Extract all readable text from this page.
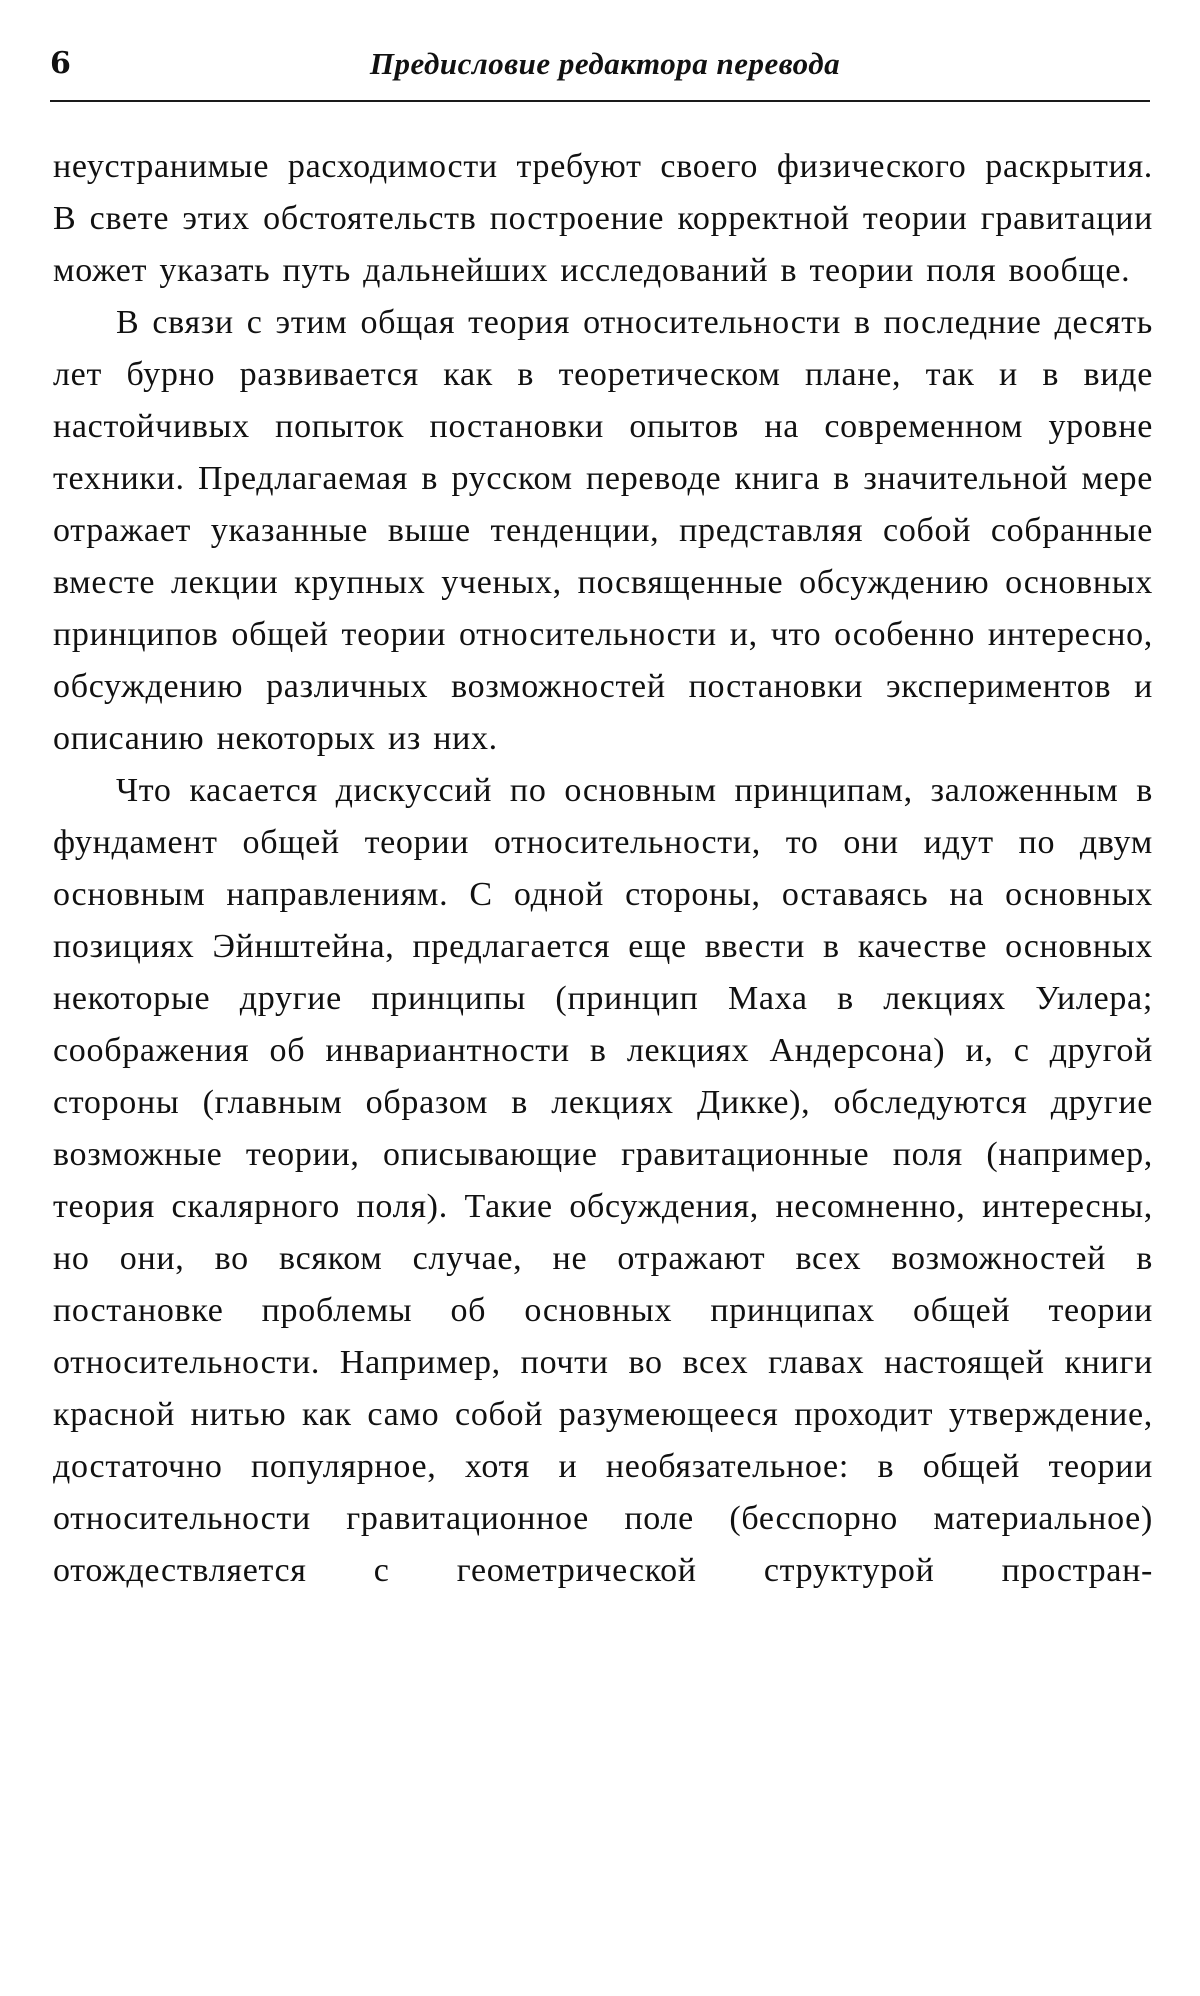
6	Предисловие редактора перевода

неустранимые расходимости требуют своего физического раскрытия. В свете этих обстоятельств построение корректной теории гравитации может указать путь дальнейших исследований в теории поля вообще.

В связи с этим общая теория относительности в последние десять лет бурно развивается как в теоретическом плане, так и в виде настойчивых попыток постановки опытов на современном уровне техники. Предлагаемая в русском переводе книга в значительной мере отражает указанные выше тенденции, представляя собой собранные вместе лекции крупных ученых, посвященные обсуждению основных принципов общей теории относительности и, что особенно интересно, обсуждению различных возможностей постановки экспериментов и описанию некоторых из них.

Что касается дискуссий по основным принципам, заложенным в фундамент общей теории относительности, то они идут по двум основным направлениям. С одной стороны, оставаясь на основных позициях Эйнштейна, предлагается еще ввести в качестве основных некоторые другие принципы (принцип Маха в лекциях Уилера; соображения об инвариантности в лекциях Андерсона) и, с другой стороны (главным образом в лекциях Дикке), обследуются другие возможные теории, описывающие гравитационные поля (например, теория скалярного поля). Такие обсуждения, несомненно, интересны, но они, во всяком случае, не отражают всех возможностей в постановке проблемы об основных принципах общей теории относительности. Например, почти во всех главах настоящей книги красной нитью как само собой разумеющееся проходит утверждение, достаточно популярное, хотя и необязательное: в общей теории относительности гравитационное поле (бесспорно материальное) отождествляется с геометрической структурой простран-
